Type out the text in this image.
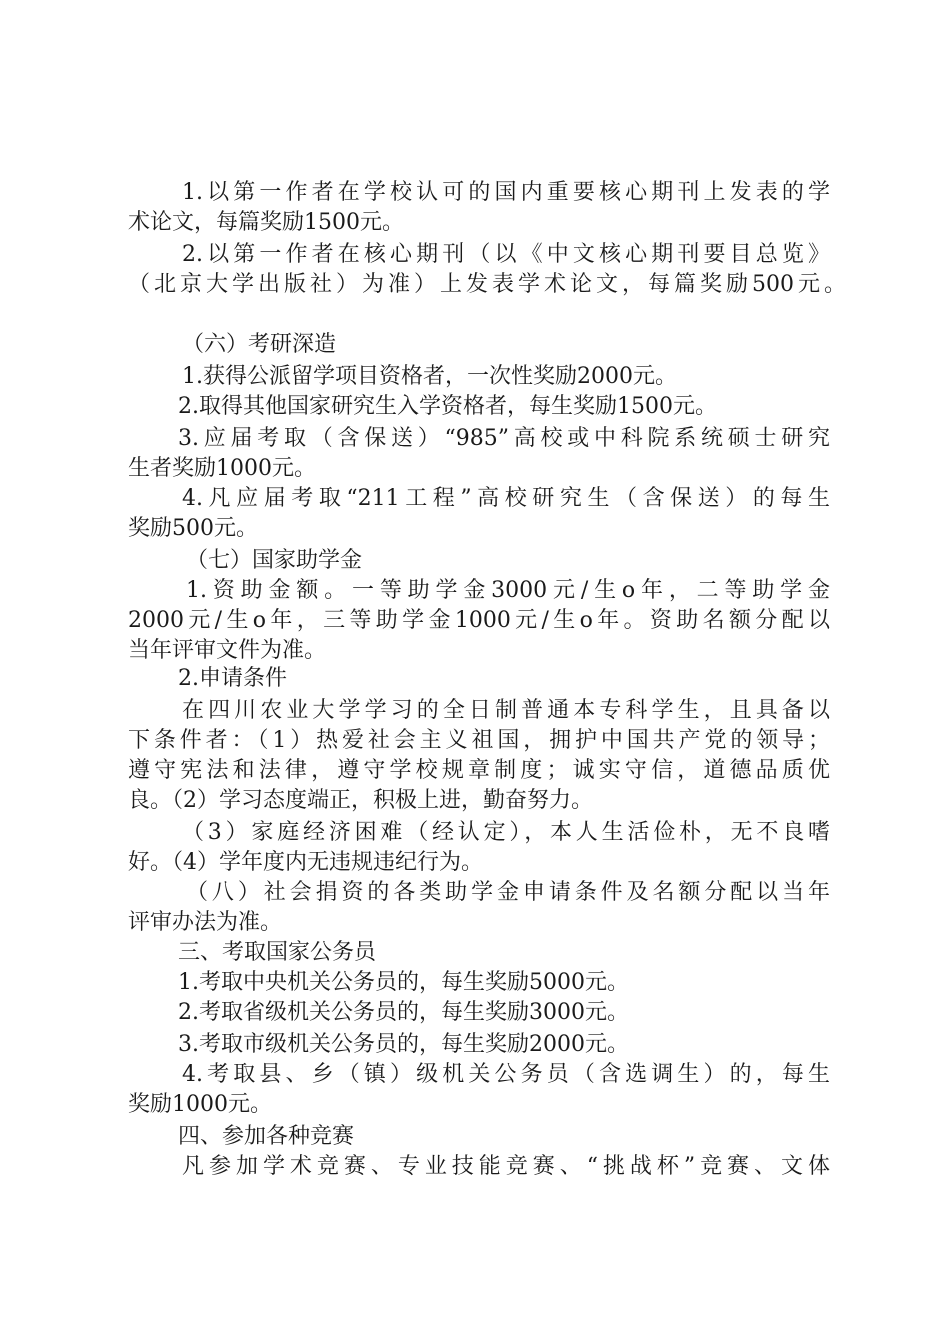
1.以第一作者在学校认可的国内重要核心期刊上发表的学
术论文，每篇奖励1500元。
2.以第一作者在核心期刊（以《中文核心期刊要目总览》
（北京大学出版社）为准）上发表学术论文，每篇奖励500元。
（六）考研深造
1.获得公派留学项目资格者，一次性奖励2000元。
2.取得其他国家研究生入学资格者，每生奖励1500元。
3.应届考取（含保送）“985”高校或中科院系统硕士研究
生者奖励1000元。
4.凡应届考取“211工程”高校研究生（含保送）的每生
奖励500元。
（七）国家助学金
1.资助金额。一等助学金3000元/生o年，二等助学金
2000元/生o年，三等助学金1000元/生o年。资助名额分配以
当年评审文件为准。
2.申请条件
在四川农业大学学习的全日制普通本专科学生，且具备以
下条件者：（1）热爱社会主义祖国，拥护中国共产党的领导；
遵守宪法和法律，遵守学校规章制度；诚实守信，道德品质优
良。（2）学习态度端正，积极上进，勤奋努力。
（3）家庭经济困难（经认定），本人生活俭朴，无不良嗜
好。（4）学年度内无违规违纪行为。
（八）社会捐资的各类助学金申请条件及名额分配以当年
评审办法为准。
三、考取国家公务员
1.考取中央机关公务员的，每生奖励5000元。
2.考取省级机关公务员的，每生奖励3000元。
3.考取市级机关公务员的，每生奖励2000元。
4.考取县、乡（镇）级机关公务员（含选调生）的，每生
奖励1000元。
四、参加各种竞赛
凡参加学术竞赛、专业技能竞赛、“挑战杯”竞赛、文体
